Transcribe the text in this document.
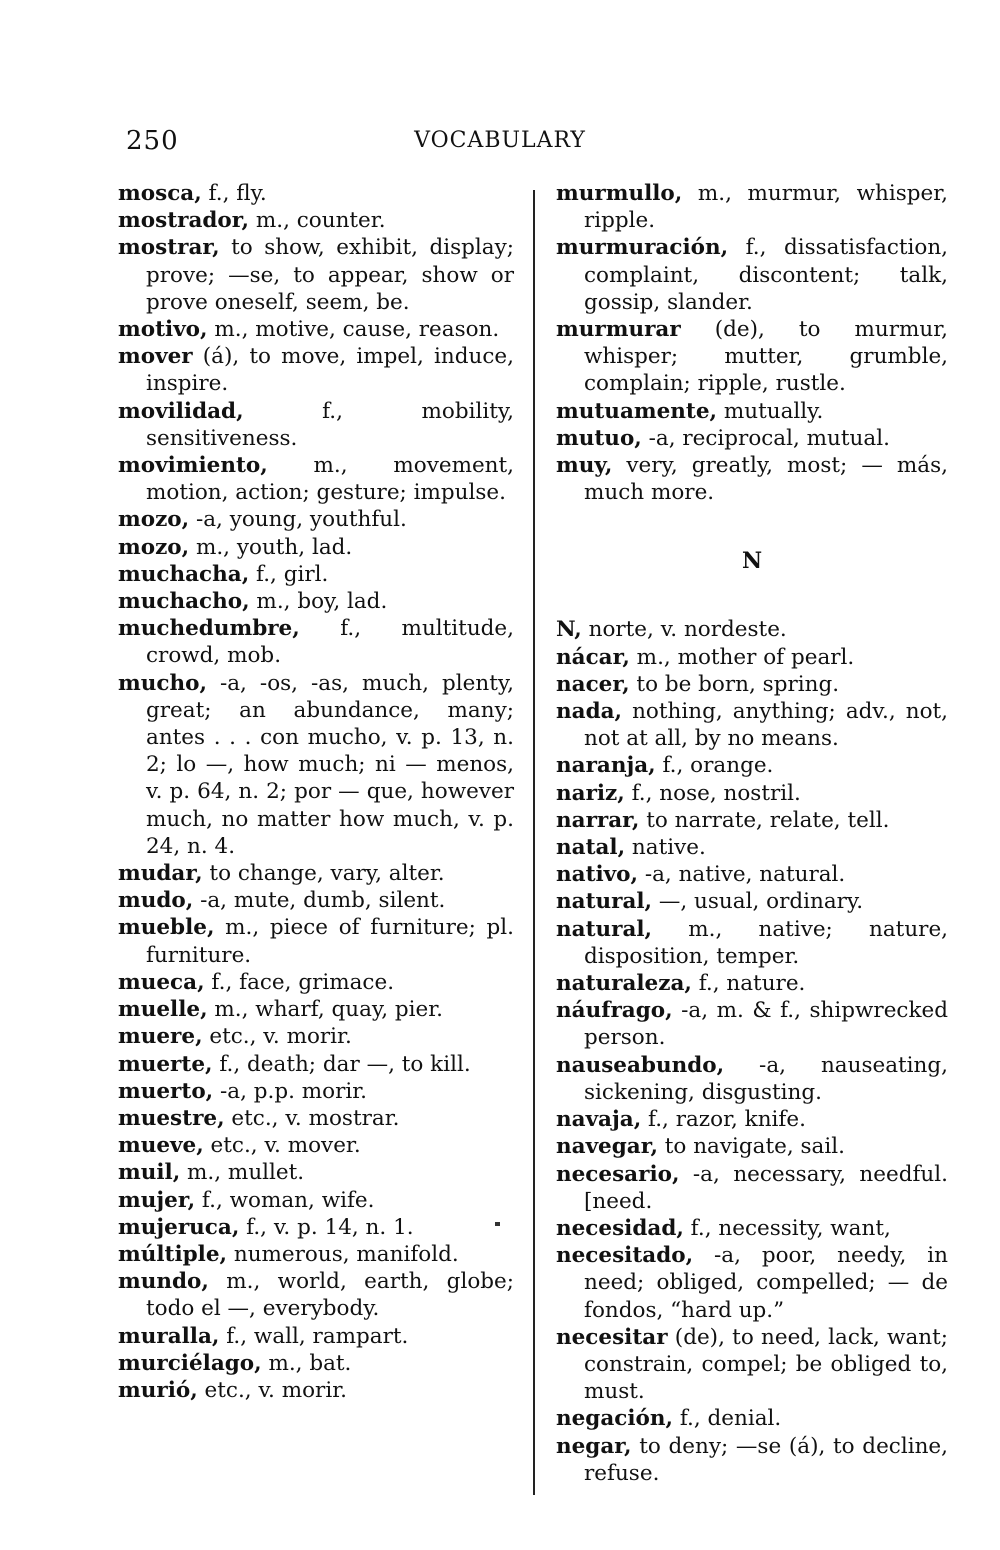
250	VOCABULARY
mosca, f., fly.
mostrador, m., counter.
mostrar, to show, exhibit, display; prove; —se, to appear, show or prove oneself, seem, be.
motivo, m., motive, cause, reason.
mover (á), to move, impel, induce, inspire.
movilidad, f., mobility, sensitiveness.
movimiento, m., movement, motion, action; gesture; impulse.
mozo, -a, young, youthful.
mozo, m., youth, lad.
muchacha, f., girl.
muchacho, m., boy, lad.
muchedumbre, f., multitude, crowd, mob.
mucho, -a, -os, -as, much, plenty, great; an abundance, many; antes . . . con mucho, v. p. 13, n. 2; lo —, how much; ni — menos, v. p. 64, n. 2; por — que, however much, no matter how much, v. p. 24, n. 4.
mudar, to change, vary, alter.
mudo, -a, mute, dumb, silent.
mueble, m., piece of furniture; pl. furniture.
mueca, f., face, grimace.
muelle, m., wharf, quay, pier.
muere, etc., v. morir.
muerte, f., death; dar —, to kill.
muerto, -a, p.p. morir.
muestre, etc., v. mostrar.
mueve, etc., v. mover.
muil, m., mullet.
mujer, f., woman, wife.
mujeruca, f., v. p. 14, n. 1.
múltiple, numerous, manifold.
mundo, m., world, earth, globe; todo el —, everybody.
muralla, f., wall, rampart.
murciélago, m., bat.
murió, etc., v. morir.
murmullo, m., murmur, whisper, ripple.
murmuración, f., dissatisfaction, complaint, discontent; talk, gossip, slander.
murmurar (de), to murmur, whisper; mutter, grumble, complain; ripple, rustle.
mutuamente, mutually.
mutuo, -a, reciprocal, mutual.
muy, very, greatly, most; — más, much more.
N
N, norte, v. nordeste.
nácar, m., mother of pearl.
nacer, to be born, spring.
nada, nothing, anything; adv., not, not at all, by no means.
naranja, f., orange.
nariz, f., nose, nostril.
narrar, to narrate, relate, tell.
natal, native.
nativo, -a, native, natural.
natural, —, usual, ordinary.
natural, m., native; nature, disposition, temper.
naturaleza, f., nature.
náufrago, -a, m. & f., shipwrecked person.
nauseabundo, -a, nauseating, sickening, disgusting.
navaja, f., razor, knife.
navegar, to navigate, sail.
necesario, -a, necessary, needful. [need.
necesidad, f., necessity, want,
necesitado, -a, poor, needy, in need; obliged, compelled; — de fondos, “hard up.”
necesitar (de), to need, lack, want; constrain, compel; be obliged to, must.
negación, f., denial.
negar, to deny; —se (á), to decline, refuse.
